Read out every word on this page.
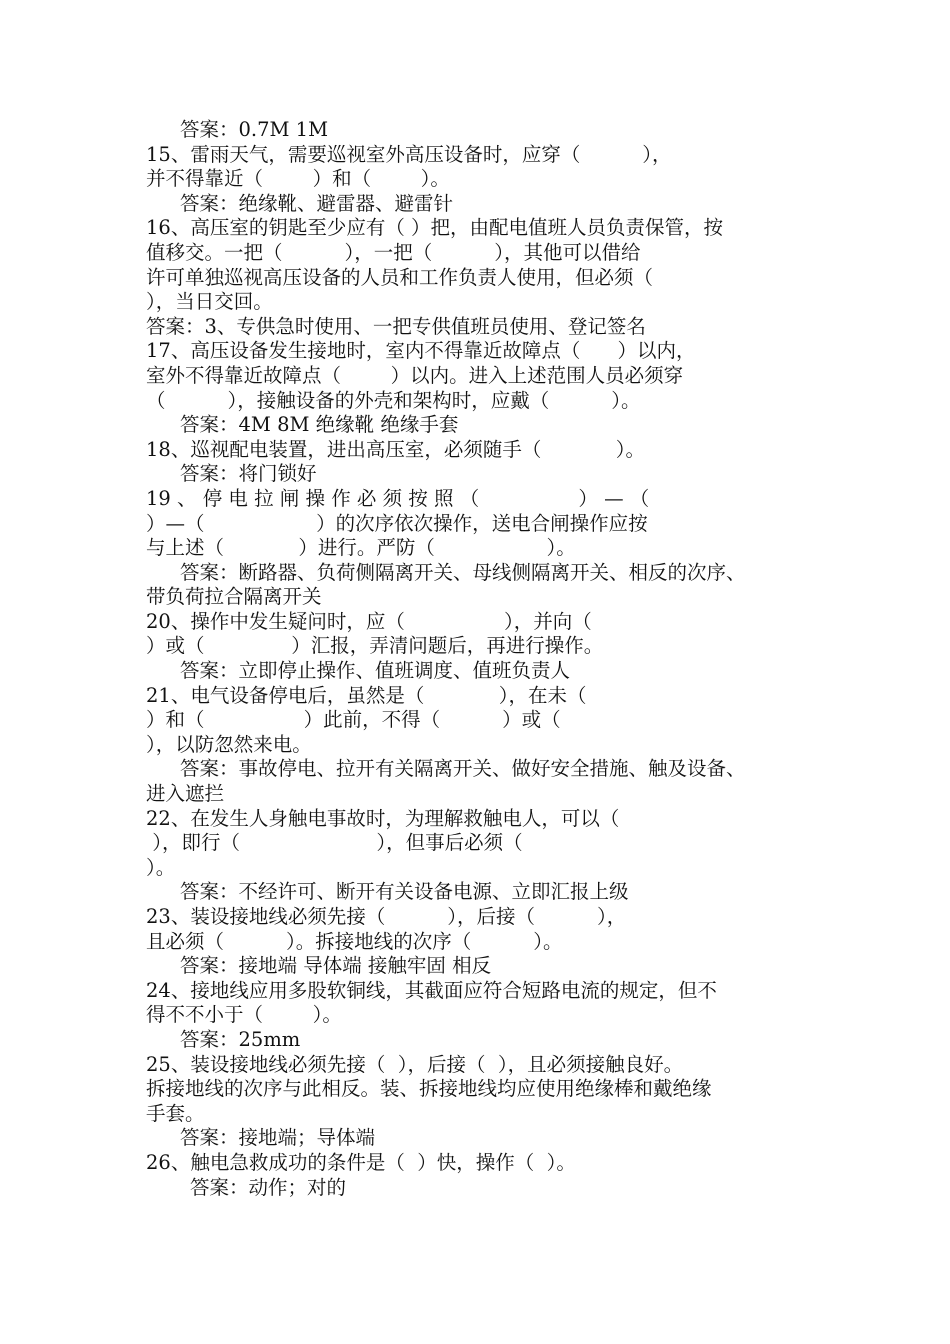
答案：0.7M 1M
15、雷雨天气，需要巡视室外高压设备时，应穿（          ），
并不得靠近（        ）和（        ）。
答案：绝缘靴、避雷器、避雷针
16、高压室的钥匙至少应有（ ）把，由配电值班人员负责保管，按
值移交。一把（          ），一把（          ），其他可以借给
许可单独巡视高压设备的人员和工作负责人使用，但必须（
），当日交回。
答案：3、专供急时使用、一把专供值班员使用、登记签名
17、高压设备发生接地时，室内不得靠近故障点（      ）以内，
室外不得靠近故障点（        ）以内。进入上述范围人员必须穿
（          ），接触设备的外壳和架构时，应戴（          ）。
答案：4M 8M 绝缘靴 绝缘手套
18、巡视配电装置，进出高压室，必须随手（            ）。
答案：将门锁好
19 、 停 电 拉 闸 操 作 必 须 按 照 （                ） — （
）—（                  ）的次序依次操作，送电合闸操作应按
与上述（            ）进行。严防（                  ）。
答案：断路器、负荷侧隔离开关、母线侧隔离开关、相反的次序、
带负荷拉合隔离开关
20、操作中发生疑问时，应（                ），并向（
）或（              ）汇报，弄清问题后，再进行操作。
答案：立即停止操作、值班调度、值班负责人
21、电气设备停电后，虽然是（            ），在未（
）和（                ）此前，不得（          ）或（
），以防忽然来电。
答案：事故停电、拉开有关隔离开关、做好安全措施、触及设备、
进入遮拦
22、在发生人身触电事故时，为理解救触电人，可以（
），即行（                      ），但事后必须（
）。
答案：不经许可、断开有关设备电源、立即汇报上级
23、装设接地线必须先接（          ），后接（          ），
且必须（          ）。拆接地线的次序（          ）。
答案：接地端 导体端 接触牢固 相反
24、接地线应用多股软铜线，其截面应符合短路电流的规定，但不
得不不小于（        ）。
答案：25mm
25、装设接地线必须先接（  ），后接（  ），且必须接触良好。
拆接地线的次序与此相反。装、拆接地线均应使用绝缘棒和戴绝缘
手套。
答案：接地端；导体端
26、触电急救成功的条件是（  ）快，操作（  ）。
答案：动作；对的
